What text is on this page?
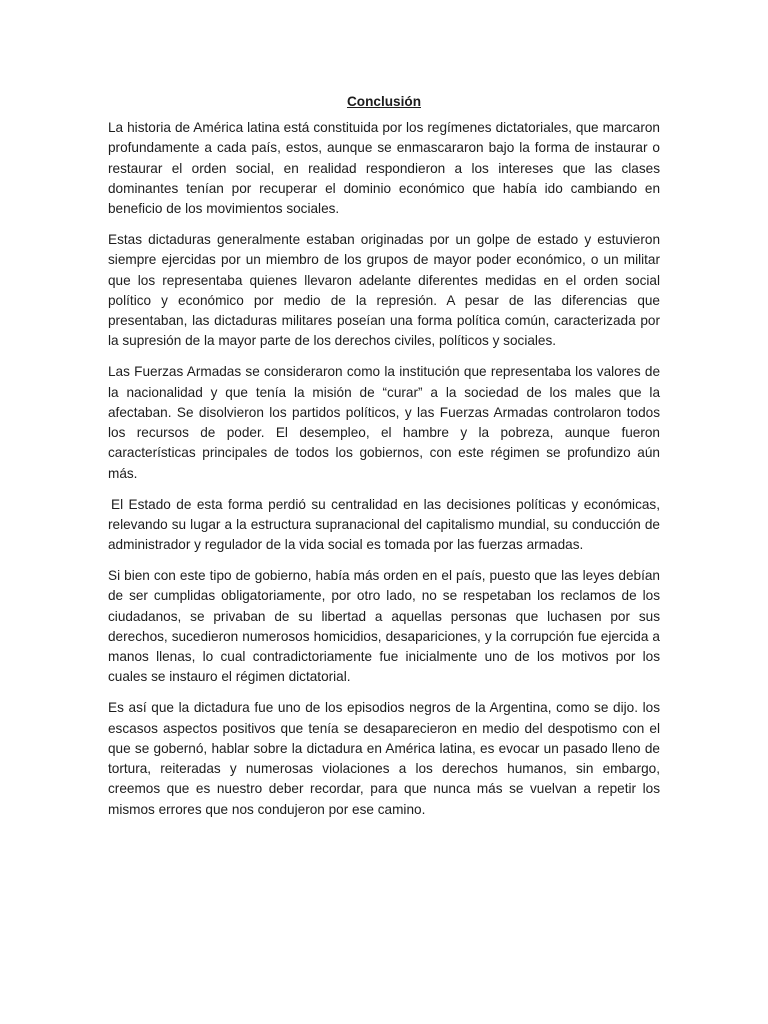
Conclusión

La historia de América latina está constituida por los regímenes dictatoriales, que marcaron profundamente a cada país, estos, aunque se enmascararon bajo la forma de instaurar o restaurar el orden social, en realidad respondieron a los intereses que las clases dominantes tenían por recuperar el dominio económico que había ido cambiando en beneficio de los movimientos sociales.

Estas dictaduras generalmente estaban originadas por un golpe de estado y estuvieron siempre ejercidas por un miembro de los grupos de mayor poder económico, o un militar que los representaba quienes llevaron adelante diferentes medidas en el orden social político y económico por medio de la represión. A pesar de las diferencias que presentaban, las dictaduras militares poseían una forma política común, caracterizada por la supresión de la mayor parte de los derechos civiles, políticos y sociales.

Las Fuerzas Armadas se consideraron como la institución que representaba los valores de la nacionalidad y que tenía la misión de “curar” a la sociedad de los males que la afectaban. Se disolvieron los partidos políticos, y las Fuerzas Armadas controlaron todos los recursos de poder. El desempleo, el hambre y la pobreza, aunque fueron características principales de todos los gobiernos, con este régimen se profundizo aún más.

El Estado de esta forma perdió su centralidad en las decisiones políticas y económicas, relevando su lugar a la estructura supranacional del capitalismo mundial, su conducción de administrador y regulador de la vida social es tomada por las fuerzas armadas.

Si bien con este tipo de gobierno, había más orden en el país, puesto que las leyes debían de ser cumplidas obligatoriamente, por otro lado, no se respetaban los reclamos de los ciudadanos, se privaban de su libertad a aquellas personas que luchasen por sus derechos, sucedieron numerosos homicidios, desapariciones, y la corrupción fue ejercida a manos llenas, lo cual contradictoriamente fue inicialmente uno de los motivos por los cuales se instauro el régimen dictatorial.

Es así que la dictadura fue uno de los episodios negros de la Argentina, como se dijo. los escasos aspectos positivos que tenía se desaparecieron en medio del despotismo con el que se gobernó, hablar sobre la dictadura en América latina, es evocar un pasado lleno de tortura, reiteradas y numerosas violaciones a los derechos humanos, sin embargo, creemos que es nuestro deber recordar, para que nunca más se vuelvan a repetir los mismos errores que nos condujeron por ese camino.
